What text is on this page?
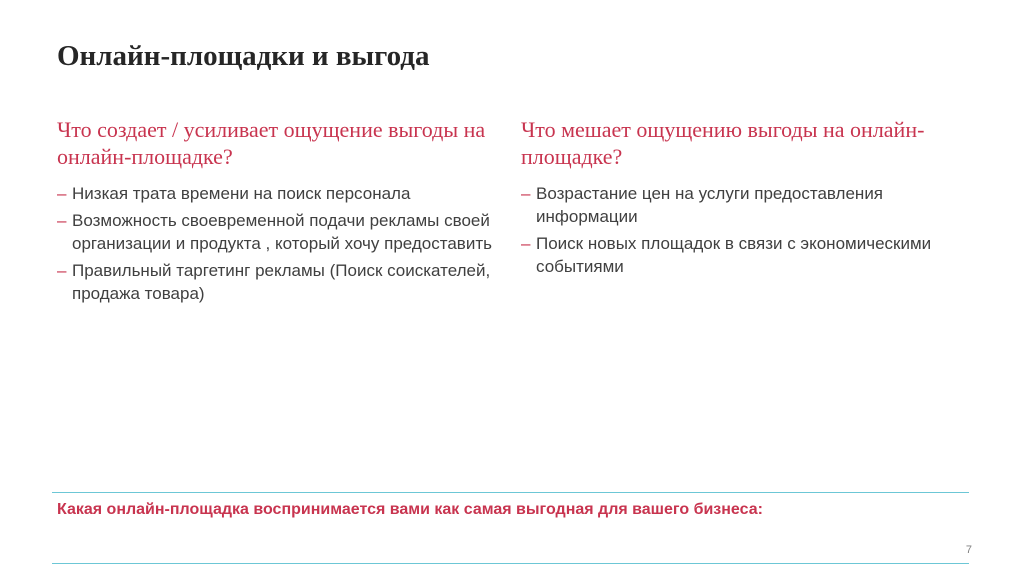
Онлайн-площадки и выгода
Что создает / усиливает ощущение выгоды на онлайн-площадке?
– Низкая трата времени на поиск персонала
– Возможность своевременной подачи рекламы своей организации и продукта , который хочу предоставить
– Правильный таргетинг рекламы (Поиск соискателей, продажа товара)
Что мешает ощущению выгоды на онлайн-площадке?
– Возрастание цен на услуги предоставления информации
– Поиск новых площадок в связи с экономическими событиями

Какая онлайн-площадка воспринимается вами как самая выгодная для вашего бизнеса:

7
